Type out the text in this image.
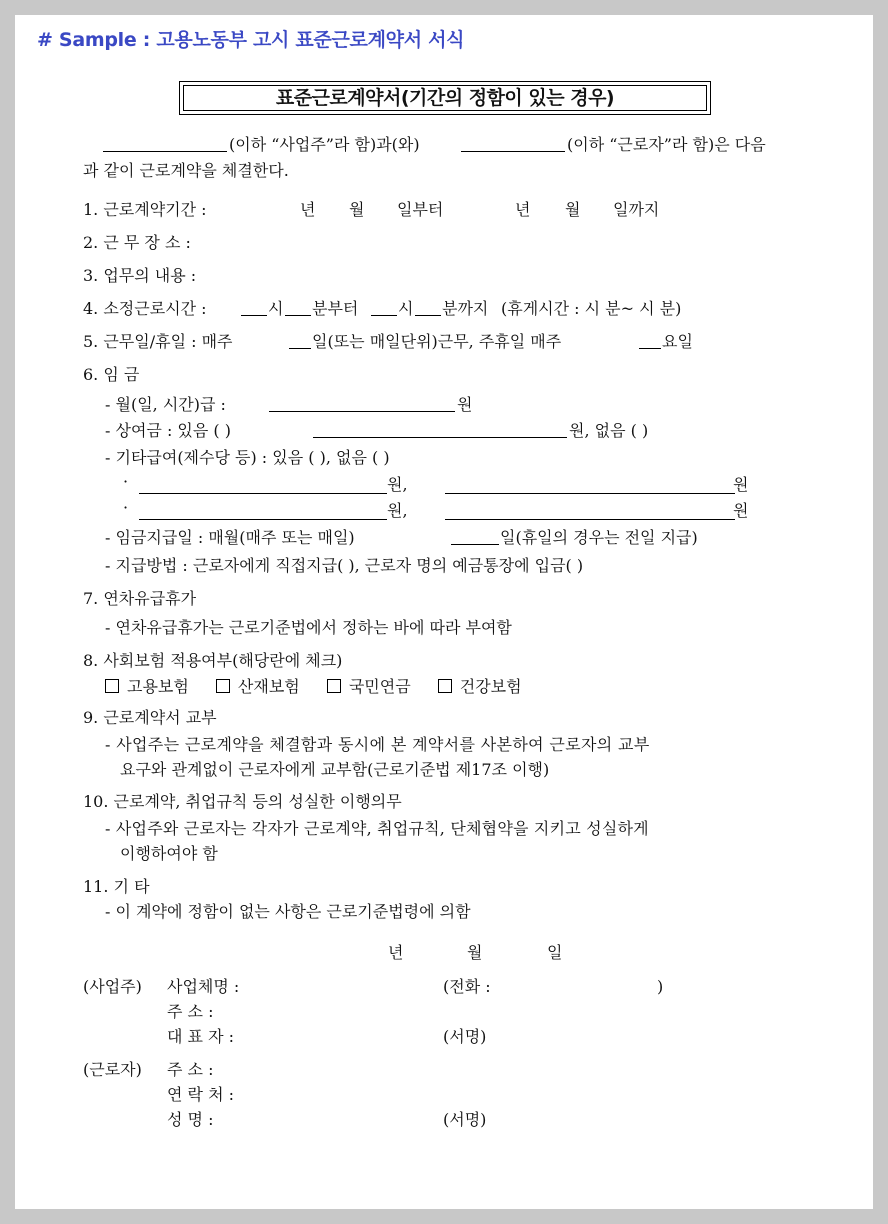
# Sample : 고용노동부 고시 표준근로계약서 서식
표준근로계약서(기간의 정함이 있는 경우)
(이하 “사업주”라 함)과(와)	(이하 “근로자”라 함)은 다음
과 같이 근로계약을 체결한다.
1. 근로계약기간 :	년 월 일부터	년 월 일까지
2. 근 무 장 소 :
3. 업무의 내용 :
4. 소정근로시간 :	시 분부터 시 분까지 (휴게시간 : 시 분~ 시 분)
5. 근무일/휴일 : 매주	일(또는 매일단위)근무, 주휴일 매주	요일
6. 임 금
- 월(일, 시간)급 :	원
- 상여금 : 있음 ( )	원, 없음 ( )
- 기타급여(제수당 등) : 있음 ( ), 없음 ( )
·	원,	원
·	원,	원
- 임금지급일 : 매월(매주 또는 매일)	일(휴일의 경우는 전일 지급)
- 지급방법 : 근로자에게 직접지급( ), 근로자 명의 예금통장에 입금( )
7. 연차유급휴가
- 연차유급휴가는 근로기준법에서 정하는 바에 따라 부여함
8. 사회보험 적용여부(해당란에 체크)
고용보험	산재보험	국민연금	건강보험
9. 근로계약서 교부
- 사업주는 근로계약을 체결함과 동시에 본 계약서를 사본하여 근로자의 교부
요구와 관계없이 근로자에게 교부함(근로기준법 제17조 이행)
10. 근로계약, 취업규칙 등의 성실한 이행의무
- 사업주와 근로자는 각자가 근로계약, 취업규칙, 단체협약을 지키고 성실하게
이행하여야 함
11. 기 타
- 이 계약에 정함이 없는 사항은 근로기준법령에 의함
년	월	일
(사업주) 사업체명 :	(전화 :	)
주 소 :
대 표 자 :	(서명)
(근로자) 주 소 :
연 락 처 :
성 명 :	(서명)
